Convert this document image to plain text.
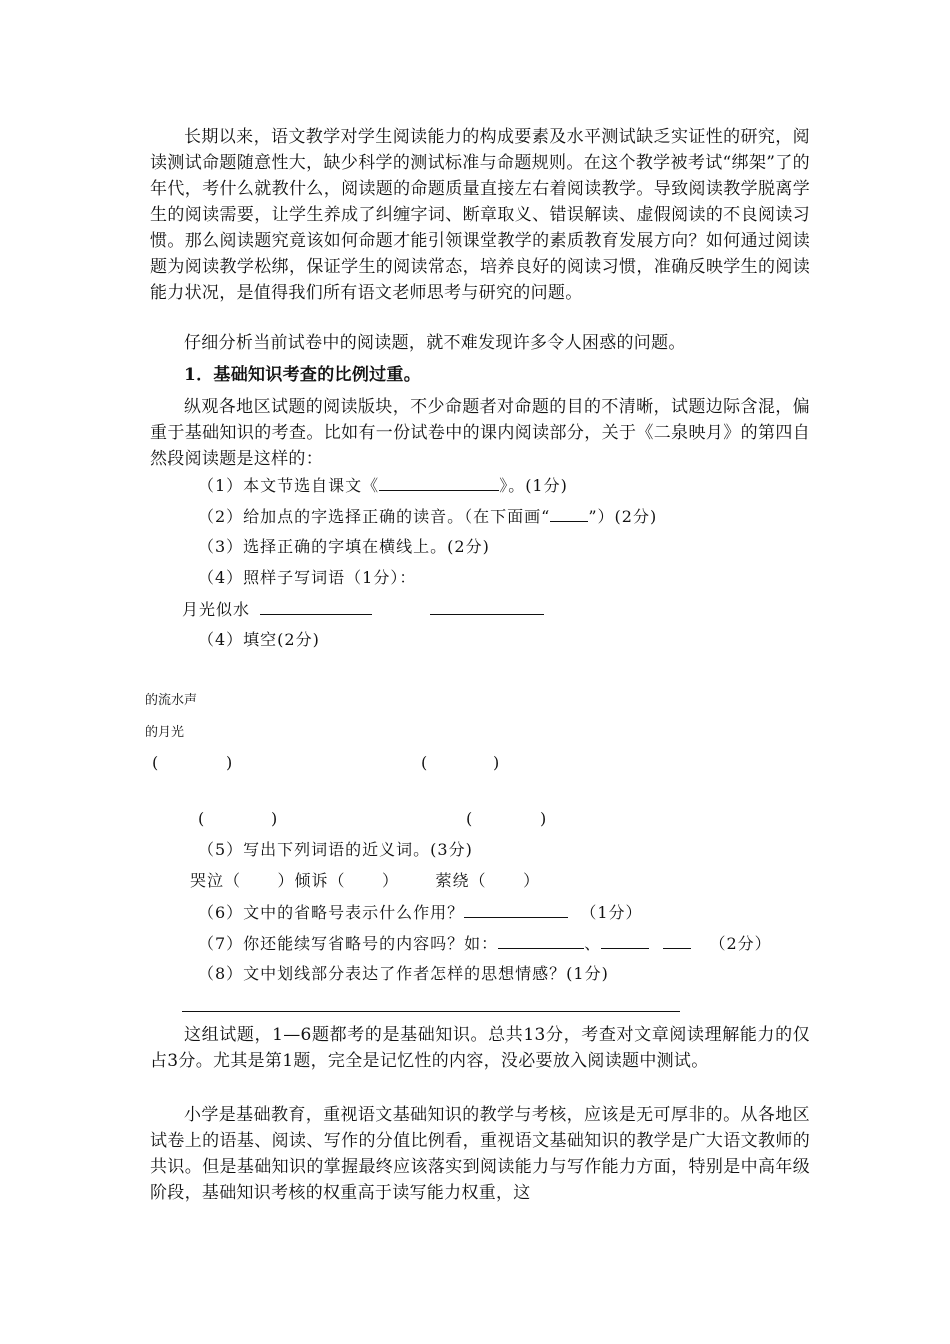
长期以来，语文教学对学生阅读能力的构成要素及水平测试缺乏实证性的研究，阅读测试命题随意性大，缺少科学的测试标准与命题规则。在这个教学被考试“绑架”了的年代，考什么就教什么，阅读题的命题质量直接左右着阅读教学。导致阅读教学脱离学生的阅读需要，让学生养成了纠缠字词、断章取义、错误解读、虚假阅读的不良阅读习惯。那么阅读题究竟该如何命题才能引领课堂教学的素质教育发展方向？如何通过阅读题为阅读教学松绑，保证学生的阅读常态，培养良好的阅读习惯，准确反映学生的阅读能力状况，是值得我们所有语文老师思考与研究的问题。

仔细分析当前试卷中的阅读题，就不难发现许多令人困惑的问题。

1．基础知识考查的比例过重。

纵观各地区试题的阅读版块，不少命题者对命题的目的不清晰，试题边际含混，偏重于基础知识的考查。比如有一份试卷中的课内阅读部分，关于《二泉映月》的第四自然段阅读题是这样的：

（1）本文节选自课文《	》。(1分)
（2）给加点的字选择正确的读音。（在下面画“ ”）(2分)
（3）选择正确的字填在横线上。(2分)
（4）照样子写词语（1分）：
月光似水
（4）填空(2分)
的流水声
的月光
(	)	(	)
(	)	(	)
（5）写出下列词语的近义词。(3分)
哭泣（      ）倾诉（      ）      萦绕（      ）
（6）文中的省略号表示什么作用？	（1分）
（7）你还能续写省略号的内容吗？如：	、	（2分）
（8）文中划线部分表达了作者怎样的思想情感？(1分)

这组试题，1—6题都考的是基础知识。总共13分，考查对文章阅读理解能力的仅占3分。尤其是第1题，完全是记忆性的内容，没必要放入阅读题中测试。

小学是基础教育，重视语文基础知识的教学与考核，应该是无可厚非的。从各地区试卷上的语基、阅读、写作的分值比例看，重视语文基础知识的教学是广大语文教师的共识。但是基础知识的掌握最终应该落实到阅读能力与写作能力方面，特别是中高年级阶段，基础知识考核的权重高于读写能力权重，这
